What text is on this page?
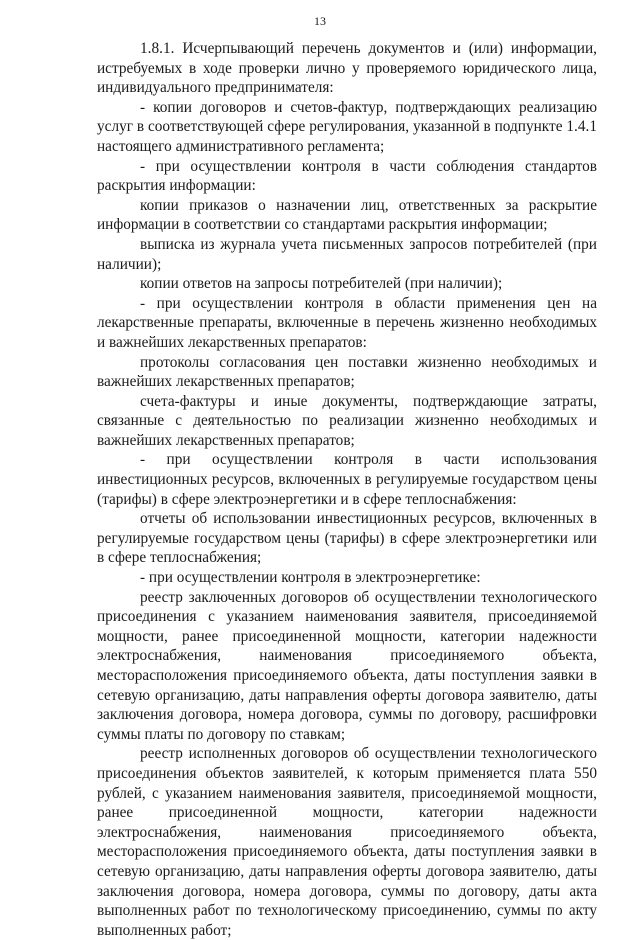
13

1.8.1. Исчерпывающий перечень документов и (или) информации, истребуемых в ходе проверки лично у проверяемого юридического лица, индивидуального предпринимателя:

- копии договоров и счетов-фактур, подтверждающих реализацию услуг в соответствующей сфере регулирования, указанной в подпункте 1.4.1 настоящего административного регламента;

- при осуществлении контроля в части соблюдения стандартов раскрытия информации:

копии приказов о назначении лиц, ответственных за раскрытие информации в соответствии со стандартами раскрытия информации;

выписка из журнала учета письменных запросов потребителей (при наличии);

копии ответов на запросы потребителей (при наличии);

- при осуществлении контроля в области применения цен на лекарственные препараты, включенные в перечень жизненно необходимых и важнейших лекарственных препаратов:

протоколы согласования цен поставки жизненно необходимых и важнейших лекарственных препаратов;

счета-фактуры и иные документы, подтверждающие затраты, связанные с деятельностью по реализации жизненно необходимых и важнейших лекарственных препаратов;

- при осуществлении контроля в части использования инвестиционных ресурсов, включенных в регулируемые государством цены (тарифы) в сфере электроэнергетики и в сфере теплоснабжения:

отчеты об использовании инвестиционных ресурсов, включенных в регулируемые государством цены (тарифы) в сфере электроэнергетики или в сфере теплоснабжения;

- при осуществлении контроля в электроэнергетике:

реестр заключенных договоров об осуществлении технологического присоединения с указанием наименования заявителя, присоединяемой мощности, ранее присоединенной мощности, категории надежности электроснабжения, наименования присоединяемого объекта, месторасположения присоединяемого объекта, даты поступления заявки в сетевую организацию, даты направления оферты договора заявителю, даты заключения договора, номера договора, суммы по договору, расшифровки суммы платы по договору по ставкам;

реестр исполненных договоров об осуществлении технологического присоединения объектов заявителей, к которым применяется плата 550 рублей, с указанием наименования заявителя, присоединяемой мощности, ранее присоединенной мощности, категории надежности электроснабжения, наименования присоединяемого объекта, месторасположения присоединяемого объекта, даты поступления заявки в сетевую организацию, даты направления оферты договора заявителю, даты заключения договора, номера договора, суммы по договору, даты акта выполненных работ по технологическому присоединению, суммы по акту выполненных работ;
